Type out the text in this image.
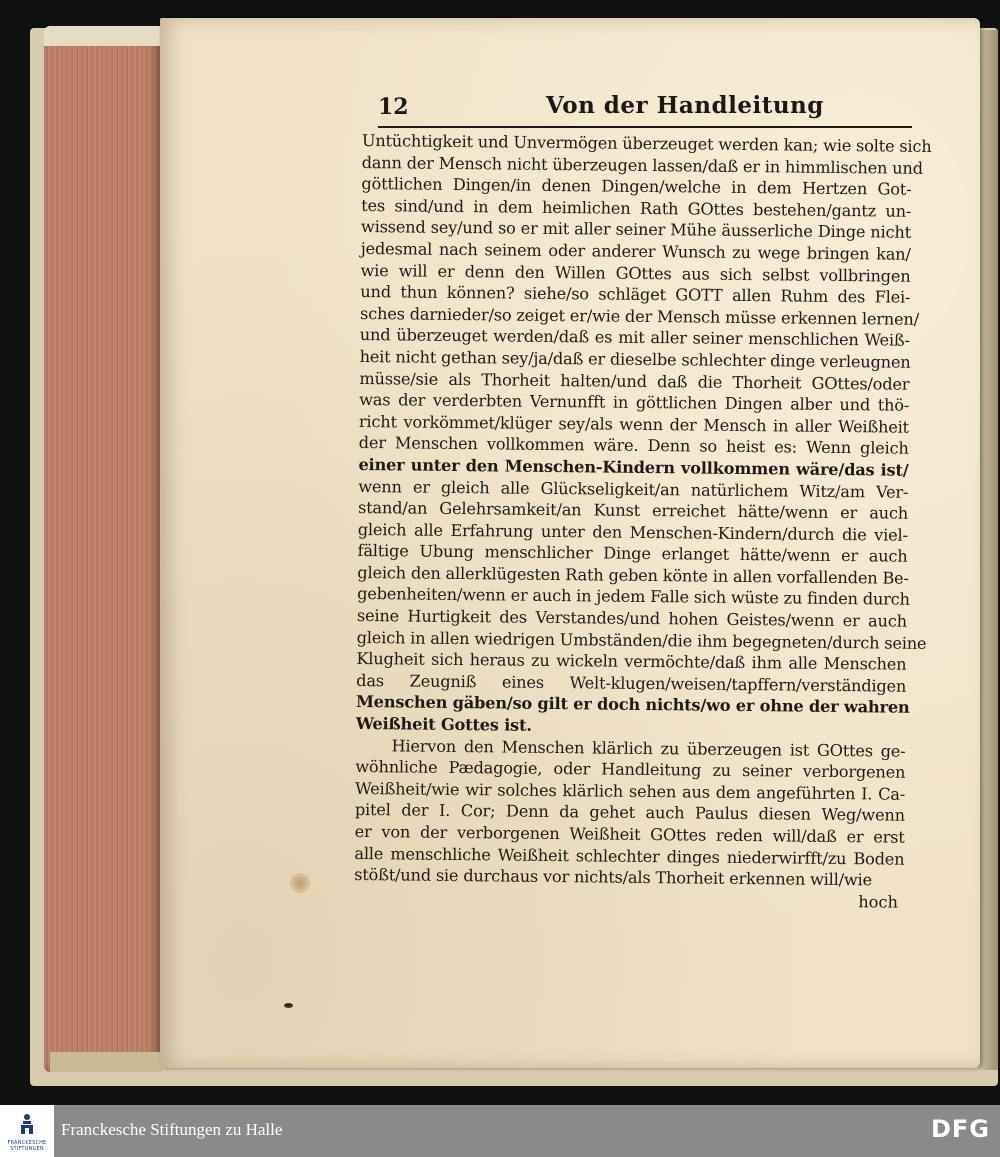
12	Von der Handleitung
Untüchtigkeit und Unvermögen überzeuget werden kan; wie solte sich
dann der Mensch nicht überzeugen lassen/daß er in himmlischen und
göttlichen Dingen/in denen Dingen/welche in dem Hertzen Got-
tes sind/und in dem heimlichen Rath GOttes bestehen/gantz un-
wissend sey/und so er mit aller seiner Mühe äusserliche Dinge nicht
jedesmal nach seinem oder anderer Wunsch zu wege bringen kan/
wie will er denn den Willen GOttes aus sich selbst vollbringen
und thun können? siehe/so schläget GOTT allen Ruhm des Flei-
sches darnieder/so zeiget er/wie der Mensch müsse erkennen lernen/
und überzeuget werden/daß es mit aller seiner menschlichen Weiß-
heit nicht gethan sey/ja/daß er dieselbe schlechter dinge verleugnen
müsse/sie als Thorheit halten/und daß die Thorheit GOttes/oder
was der verderbten Vernunfft in göttlichen Dingen alber und thö-
richt vorkömmet/klüger sey/als wenn der Mensch in aller Weißheit
der Menschen vollkommen wäre. Denn so heist es: Wenn gleich
einer unter den Menschen-Kindern vollkommen wäre/das ist/
wenn er gleich alle Glückseligkeit/an natürlichem Witz/am Ver-
stand/an Gelehrsamkeit/an Kunst erreichet hätte/wenn er auch
gleich alle Erfahrung unter den Menschen-Kindern/durch die viel-
fältige Ubung menschlicher Dinge erlanget hätte/wenn er auch
gleich den allerklügesten Rath geben könte in allen vorfallenden Be-
gebenheiten/wenn er auch in jedem Falle sich wüste zu finden durch
seine Hurtigkeit des Verstandes/und hohen Geistes/wenn er auch
gleich in allen wiedrigen Umbständen/die ihm begegneten/durch seine
Klugheit sich heraus zu wickeln vermöchte/daß ihm alle Menschen
das Zeugniß eines Welt-klugen/weisen/tapffern/verständigen
Menschen gäben/so gilt er doch nichts/wo er ohne der wahren
Weißheit Gottes ist.
Hiervon den Menschen klärlich zu überzeugen ist GOttes ge-
wöhnliche Pædagogie, oder Handleitung zu seiner verborgenen
Weißheit/wie wir solches klärlich sehen aus dem angeführten I. Ca-
pitel der I. Cor; Denn da gehet auch Paulus diesen Weg/wenn
er von der verborgenen Weißheit GOttes reden will/daß er erst
alle menschliche Weißheit schlechter dinges niederwirfft/zu Boden
stößt/und sie durchaus vor nichts/als Thorheit erkennen will/wie
hoch
FRANCKESCHE STIFTUNGEN
Franckesche Stiftungen zu Halle	DFG
